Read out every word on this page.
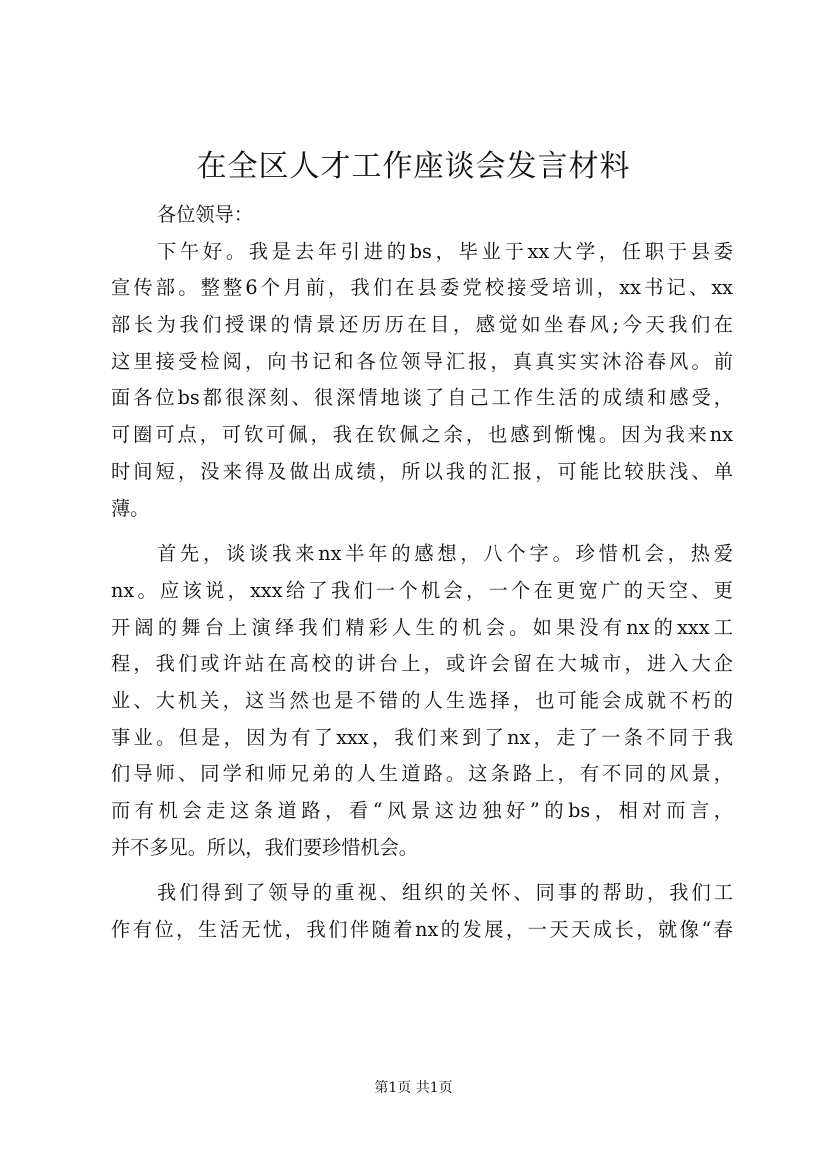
在全区人才工作座谈会发言材料
各位领导：
下午好。我是去年引进的bs，毕业于xx大学，任职于县委
宣传部。整整6个月前，我们在县委党校接受培训，xx书记、xx
部长为我们授课的情景还历历在目，感觉如坐春风;今天我们在
这里接受检阅，向书记和各位领导汇报，真真实实沐浴春风。前
面各位bs都很深刻、很深情地谈了自己工作生活的成绩和感受，
可圈可点，可钦可佩，我在钦佩之余，也感到惭愧。因为我来nx
时间短，没来得及做出成绩，所以我的汇报，可能比较肤浅、单
薄。
首先，谈谈我来nx半年的感想，八个字。珍惜机会，热爱
nx。应该说，xxx给了我们一个机会，一个在更宽广的天空、更
开阔的舞台上演绎我们精彩人生的机会。如果没有nx的xxx工
程，我们或许站在高校的讲台上，或许会留在大城市，进入大企
业、大机关，这当然也是不错的人生选择，也可能会成就不朽的
事业。但是，因为有了xxx，我们来到了nx，走了一条不同于我
们导师、同学和师兄弟的人生道路。这条路上，有不同的风景，
而有机会走这条道路，看“风景这边独好”的bs，相对而言，
并不多见。所以，我们要珍惜机会。
我们得到了领导的重视、组织的关怀、同事的帮助，我们工
作有位，生活无忧，我们伴随着nx的发展，一天天成长，就像“春
第1页 共1页
